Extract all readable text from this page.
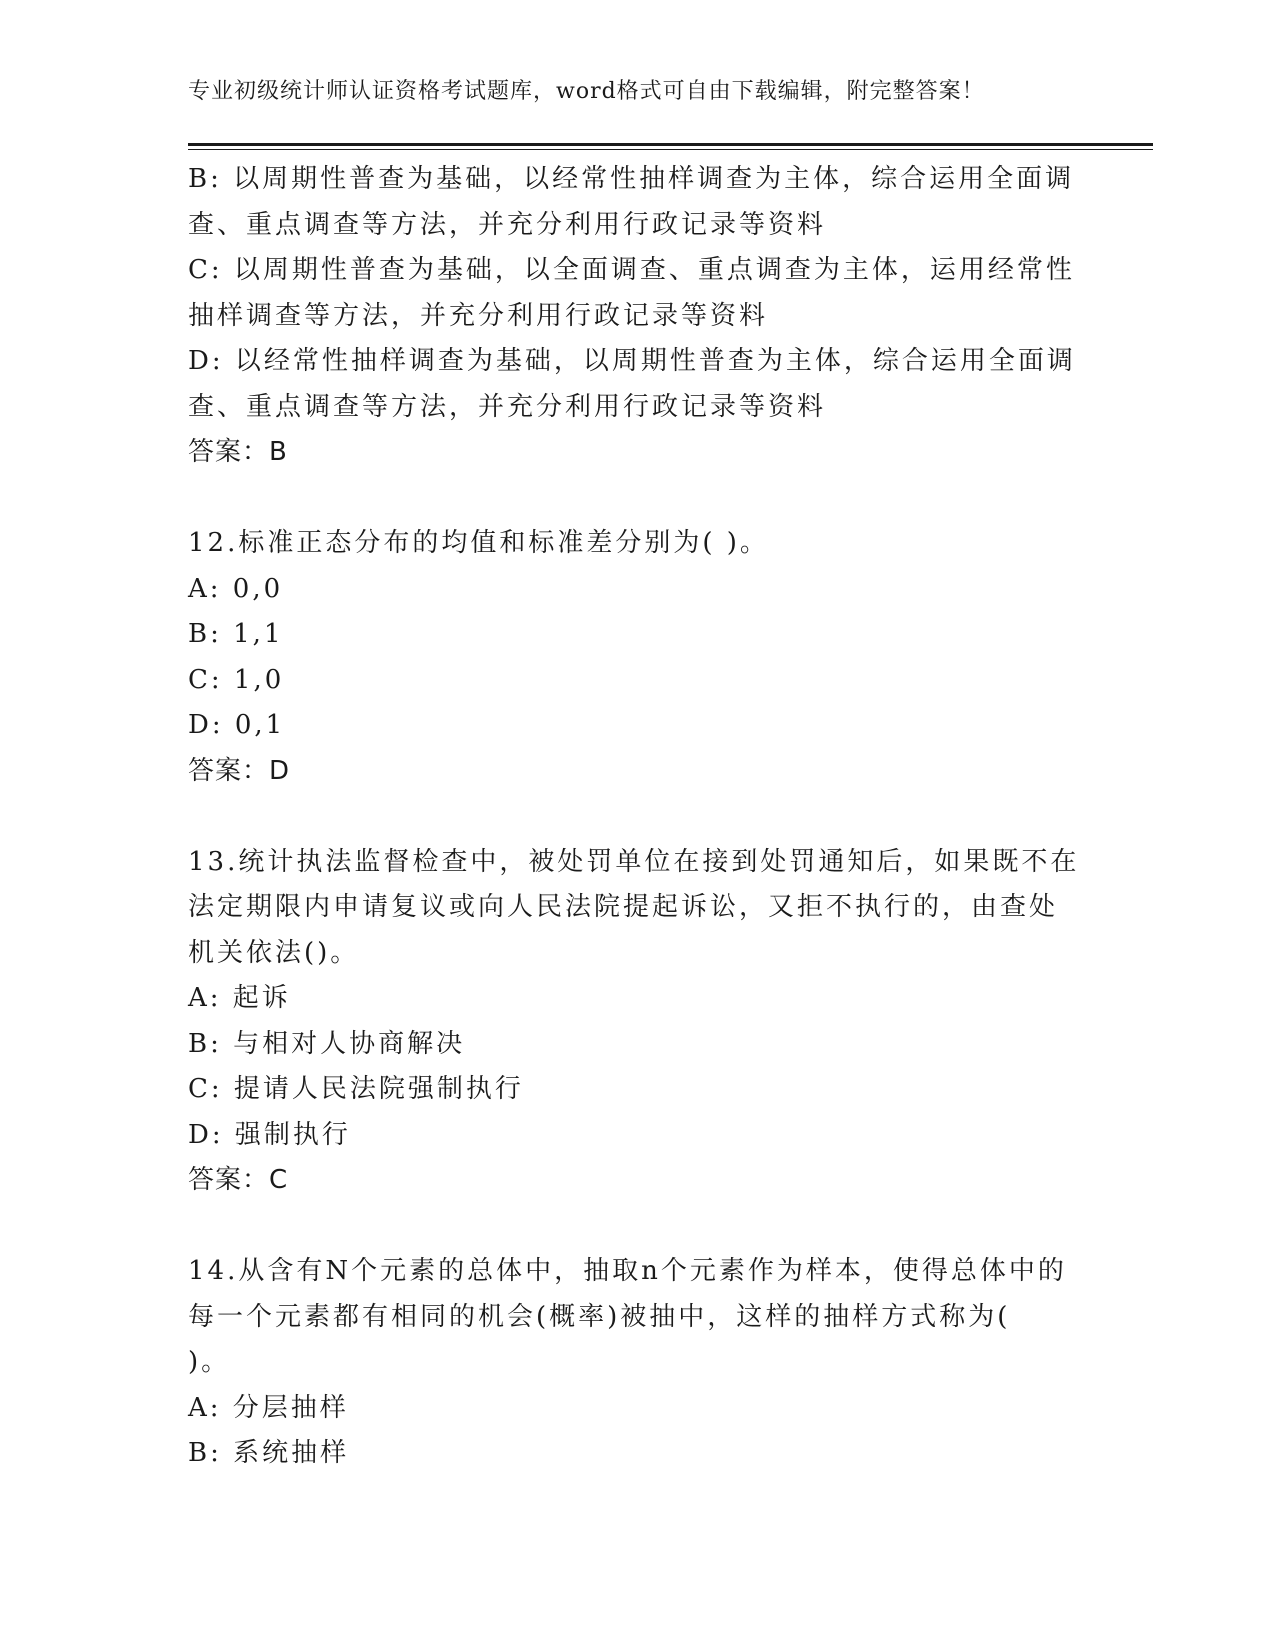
专业初级统计师认证资格考试题库，word格式可自由下载编辑，附完整答案！
B: 以周期性普查为基础，以经常性抽样调查为主体，综合运用全面调
查、重点调查等方法，并充分利用行政记录等资料
C: 以周期性普查为基础，以全面调查、重点调查为主体，运用经常性
抽样调查等方法，并充分利用行政记录等资料
D: 以经常性抽样调查为基础，以周期性普查为主体，综合运用全面调
查、重点调查等方法，并充分利用行政记录等资料
答案：B
12.标准正态分布的均值和标准差分别为( )。
A: 0,0
B: 1,1
C: 1,0
D: 0,1
答案：D
13.统计执法监督检查中，被处罚单位在接到处罚通知后，如果既不在
法定期限内申请复议或向人民法院提起诉讼，又拒不执行的，由查处
机关依法()。
A: 起诉
B: 与相对人协商解决
C: 提请人民法院强制执行
D: 强制执行
答案：C
14.从含有N个元素的总体中，抽取n个元素作为样本，使得总体中的
每一个元素都有相同的机会(概率)被抽中，这样的抽样方式称为(
)。
A: 分层抽样
B: 系统抽样
